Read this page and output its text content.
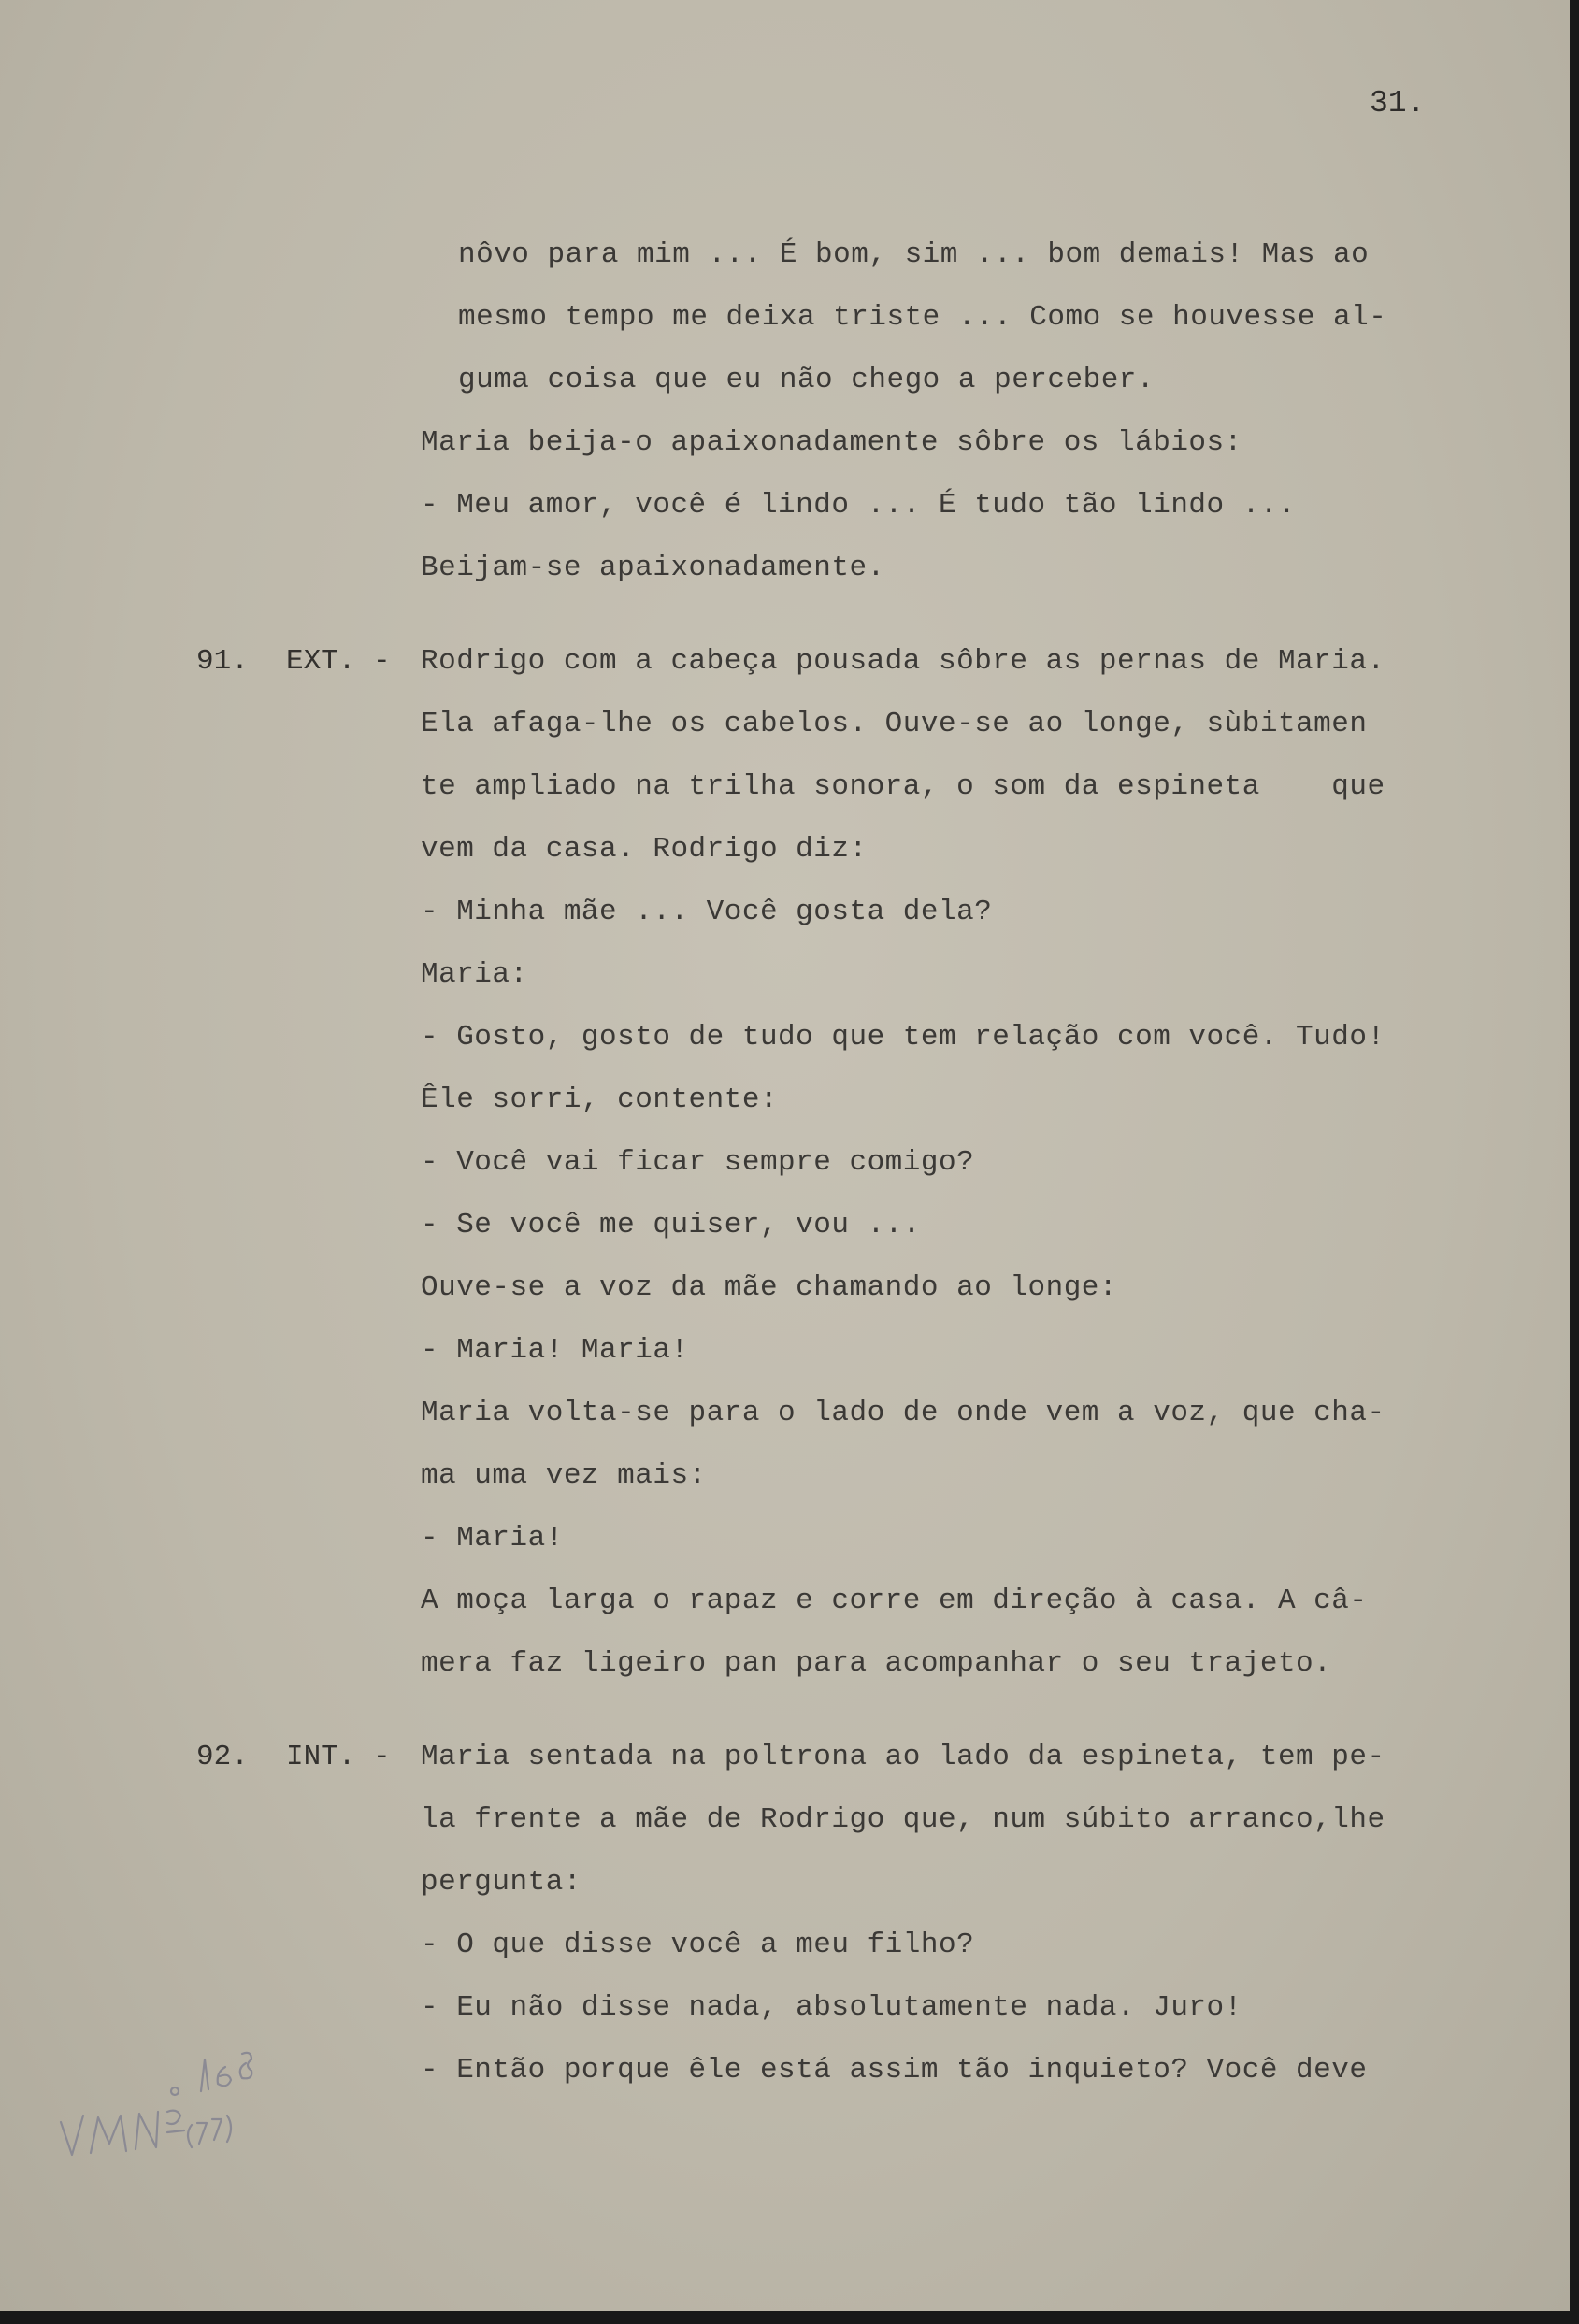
31.
nôvo para mim ... É bom, sim ... bom demais! Mas ao
mesmo tempo me deixa triste ... Como se houvesse al-
guma coisa que eu não chego a perceber.
Maria beija-o apaixonadamente sôbre os lábios:
- Meu amor, você é lindo ... É tudo tão lindo ...
Beijam-se apaixonadamente.
91. EXT. - Rodrigo com a cabeça pousada sôbre as pernas de Maria.
Ela afaga-lhe os cabelos. Ouve-se ao longe, sùbitamen
te ampliado na trilha sonora, o som da espineta    que
vem da casa. Rodrigo diz:
- Minha mãe ... Você gosta dela?
Maria:
- Gosto, gosto de tudo que tem relação com você. Tudo!
Êle sorri, contente:
- Você vai ficar sempre comigo?
- Se você me quiser, vou ...
Ouve-se a voz da mãe chamando ao longe:
- Maria! Maria!
Maria volta-se para o lado de onde vem a voz, que cha-
ma uma vez mais:
- Maria!
A moça larga o rapaz e corre em direção à casa. A câ-
mera faz ligeiro pan para acompanhar o seu trajeto.
92. INT. - Maria sentada na poltrona ao lado da espineta, tem pe-
la frente a mãe de Rodrigo que, num súbito arranco,lhe
pergunta:
- O que disse você a meu filho?
- Eu não disse nada, absolutamente nada. Juro!
- Então porque êle está assim tão inquieto? Você deve
